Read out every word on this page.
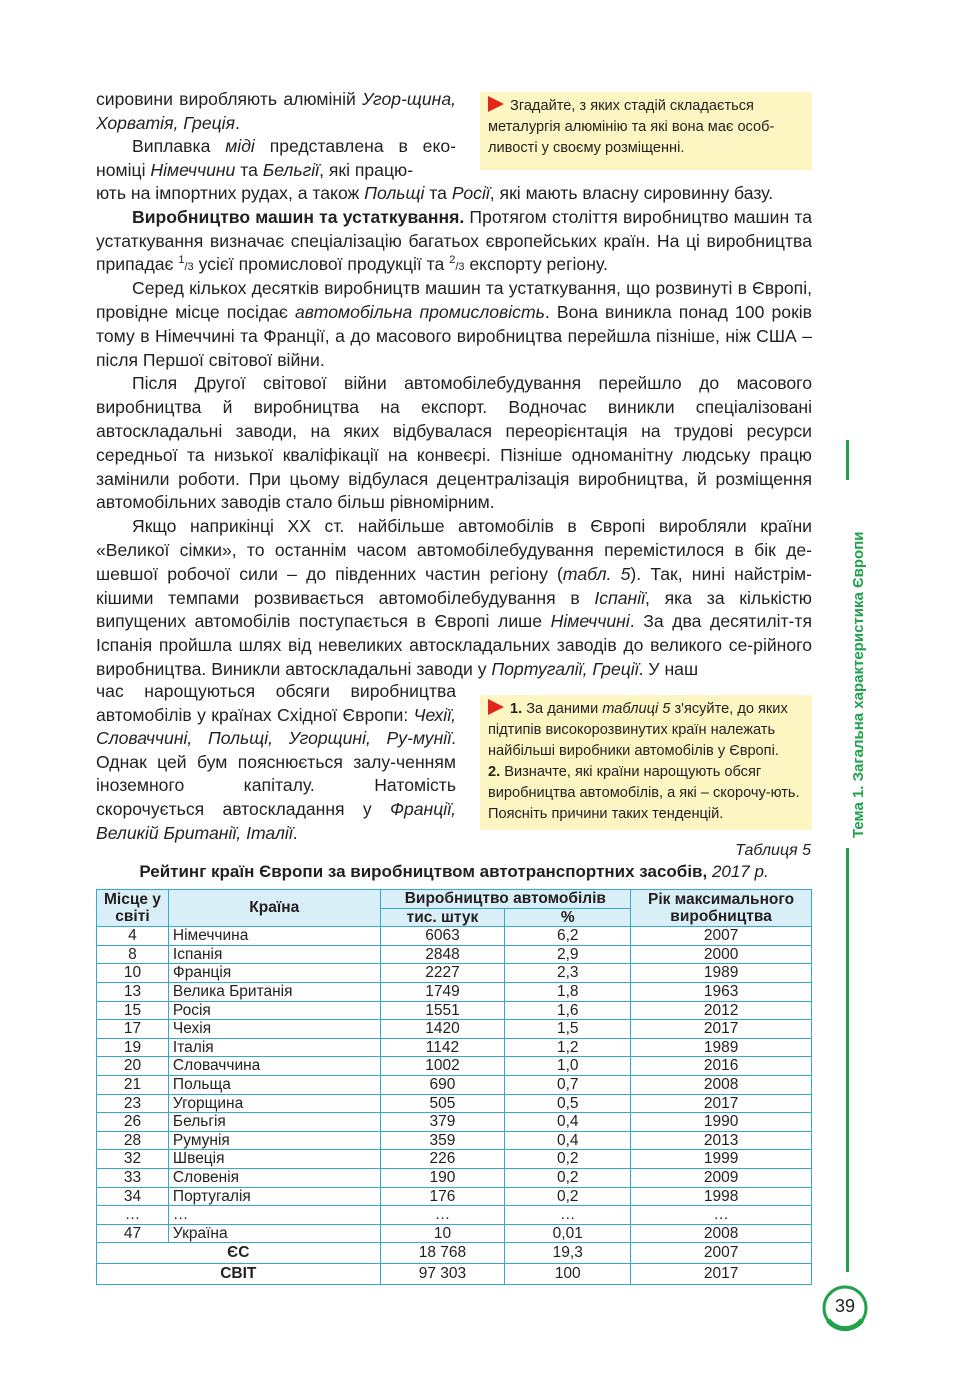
сировини виробляють алюміній Угор-щина, Хорватія, Греція.

Виплавка міді представлена в еко-номіці Німеччини та Бельгії, які працю-

Згадайте, з яких стадій складається металургія алюмінію та які вона має особ-ливості у своєму розміщенні.

ють на імпортних рудах, а також Польщі та Росії, які мають власну сировинну базу.

Виробництво машин та устаткування. Протягом століття виробництво машин та устаткування визначає спеціалізацію багатьох європейських країн. На ці виробництва припадає $^1$/3 усієї промислової продукції та $^2$/3 експорту регіону.

Серед кількох десятків виробництв машин та устаткування, що розвинуті в Європі, провідне місце посідає автомобільна промисловість. Вона виникла понад 100 років тому в Німеччині та Франції, а до масового виробництва перейшла пізніше, ніж США – після Першої світової війни.

Після Другої світової війни автомобілебудування перейшло до масового виробництва й виробництва на експорт. Водночас виникли спеціалізовані автоскладальні заводи, на яких відбувалася переорієнтація на трудові ресурси середньої та низької кваліфікації на конвеєрі. Пізніше одноманітну людську працю замінили роботи. При цьому відбулася децентралізація виробництва, й розміщення автомобільних заводів стало більш рівномірним.

Якщо наприкінці ХХ ст. найбільше автомобілів в Європі виробляли країни «Великої сімки», то останнім часом автомобілебудування перемістилося в бік де-шевшої робочої сили – до південних частин регіону (табл. 5). Так, нині найстрім-кішими темпами розвивається автомобілебудування в Іспанії, яка за кількістю випущених автомобілів поступається в Європі лише Німеччині. За два десятиліт-тя Іспанія пройшла шлях від невеликих автоскладальних заводів до великого се-рійного виробництва. Виникли автоскладальні заводи у Португалії, Греції. У наш

час нарощуються обсяги виробництва автомобілів у країнах Східної Європи: Чехії, Словаччині, Польщі, Угорщині, Ру-мунії. Однак цей бум пояснюється залу-ченням іноземного капіталу. Натомість скорочується автоскладання у Франції, Великій Британії, Італії.

1. За даними таблиці 5 з'ясуйте, до яких підтипів високорозвинутих країн належать найбільші виробники автомобілів у Європі.

2. Визначте, які країни нарощують обсяг виробництва автомобілів, а які – скорочу-ють. Поясніть причини таких тенденцій.

Таблиця 5
Рейтинг країн Європи за виробництвом автотранспортних засобів, 2017 р.
Місце у світі	Країна	Виробництво автомобілів		Рік максимального виробництва
		тис. штук	%	
4	Німеччина	6063	6,2	2007
8	Іспанія	2848	2,9	2000
10	Франція	2227	2,3	1989
13	Велика Британія	1749	1,8	1963
15	Росія	1551	1,6	2012
17	Чехія	1420	1,5	2017
19	Італія	1142	1,2	1989
20	Словаччина	1002	1,0	2016
21	Польща	690	0,7	2008
23	Угорщина	505	0,5	2017
26	Бельгія	379	0,4	1990
28	Румунія	359	0,4	2013
32	Швеція	226	0,2	1999
33	Словенія	190	0,2	2009
34	Португалія	176	0,2	1998
…	…	…	…	…
47	Україна	10	0,01	2008
ЄС		18 768	19,3	2007
СВІТ		97 303	100	2017
Тема 1. Загальна характеристика Європи
39
